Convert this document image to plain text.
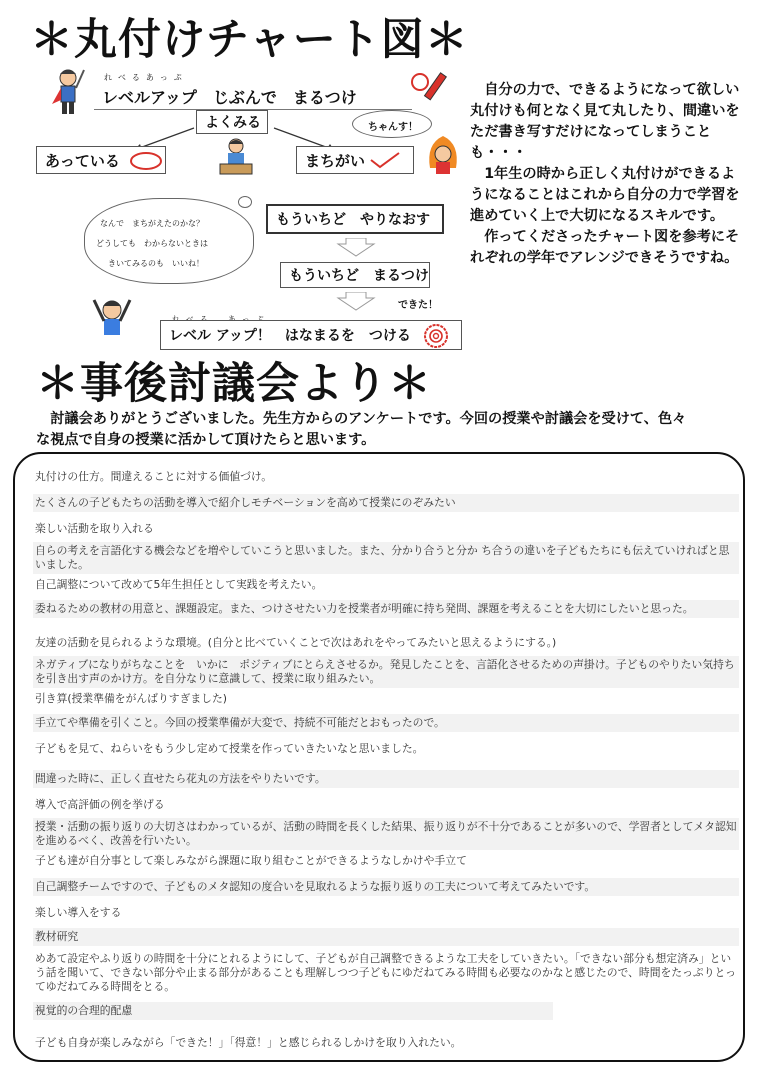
＊丸付けチャート図＊
＊事後討議会より＊
れべるあっぷ
レベルアップ　じぶんで　まるつけ
よくみる
あっている	まちがい
ちゃんす！
なんで　まちがえたのかな？
どうしても　わからないときは
きいてみるのも　いいね！
もういちど　やりなおす
もういちど　まるつけ
できた！
レベル アップ！　はなまるを　つける

自分の力で、できるようになって欲しい丸付けも何となく見て丸したり、間違いをただ書き写すだけになってしまうことも・・・

1年生の時から正しく丸付けができるようになることはこれから自分の力で学習を進めていく上で大切になるスキルです。

作ってくださったチャート図を参考にそれぞれの学年でアレンジできそうですね。

討議会ありがとうございました。先生方からのアンケートです。今回の授業や討議会を受けて、色々
な視点で自身の授業に活かして頂けたらと思います。
丸付けの仕方。間違えることに対する価値づけ。
たくさんの子どもたちの活動を導入で紹介しモチベーションを高めて授業にのぞみたい
楽しい活動を取り入れる
自らの考えを言語化する機会などを増やしていこうと思いました。また、分かり合うと分か ち合うの違いを子どもたちにも伝えていければと思いました。
自己調整について改めて5年生担任として実践を考えたい。
委ねるための教材の用意と、課題設定。また、つけさせたい力を授業者が明確に持ち発問、課題を考えることを大切にしたいと思った。
友達の活動を見られるような環境。(自分と比べていくことで次はあれをやってみたいと思えるようにする。)
ネガティブになりがちなことを　いかに　ポジティブにとらえさせるか。発見したことを、言語化させるための声掛け。子どものやりたい気持ちを引き出す声のかけ方。を自分なりに意識して、授業に取り組みたい。
引き算(授業準備をがんばりすぎました)
手立てや準備を引くこと。今回の授業準備が大変で、持続不可能だとおもったので。
子どもを見て、ねらいをもう少し定めて授業を作っていきたいなと思いました。
間違った時に、正しく直せたら花丸の方法をやりたいです。
導入で高評価の例を挙げる
授業・活動の振り返りの大切さはわかっているが、活動の時間を長くした結果、振り返りが不十分であることが多いので、学習者としてメタ認知を進めるべく、改善を行いたい。
子ども達が自分事として楽しみながら課題に取り組むことができるようなしかけや手立て
自己調整チームですので、子どものメタ認知の度合いを見取れるような振り返りの工夫について考えてみたいです。
楽しい導入をする
教材研究
めあて設定やふり返りの時間を十分にとれるようにして、子どもが自己調整できるような工夫をしていきたい。「できない部分も想定済み」という話を聞いて、できない部分や止まる部分があることも理解しつつ子どもにゆだねてみる時間も必要なのかなと感じたので、時間をたっぷりとってゆだねてみる時間をとる。
視覚的の合理的配慮
子ども自身が楽しみながら「できた！」「得意！」と感じられるしかけを取り入れたい。
